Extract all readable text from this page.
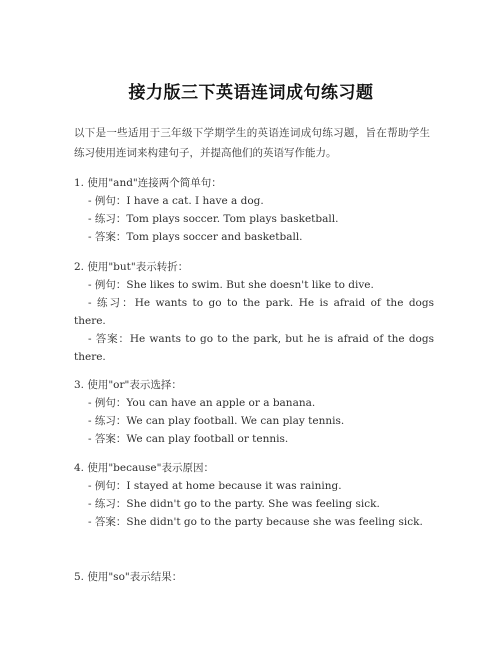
接力版三下英语连词成句练习题
以下是一些适用于三年级下学期学生的英语连词成句练习题，旨在帮助学生练习使用连词来构建句子，并提高他们的英语写作能力。
1. 使用"and"连接两个简单句：
- 例句：I have a cat. I have a dog.
- 练习：Tom plays soccer. Tom plays basketball.
- 答案：Tom plays soccer and basketball.
2. 使用"but"表示转折：
- 例句：She likes to swim. But she doesn't like to dive.
- 练习：He wants to go to the park. He is afraid of the dogs there.
- 答案：He wants to go to the park, but he is afraid of the dogs there.
3. 使用"or"表示选择：
- 例句：You can have an apple or a banana.
- 练习：We can play football. We can play tennis.
- 答案：We can play football or tennis.
4. 使用"because"表示原因：
- 例句：I stayed at home because it was raining.
- 练习：She didn't go to the party. She was feeling sick.
- 答案：She didn't go to the party because she was feeling sick.
5. 使用"so"表示结果：
